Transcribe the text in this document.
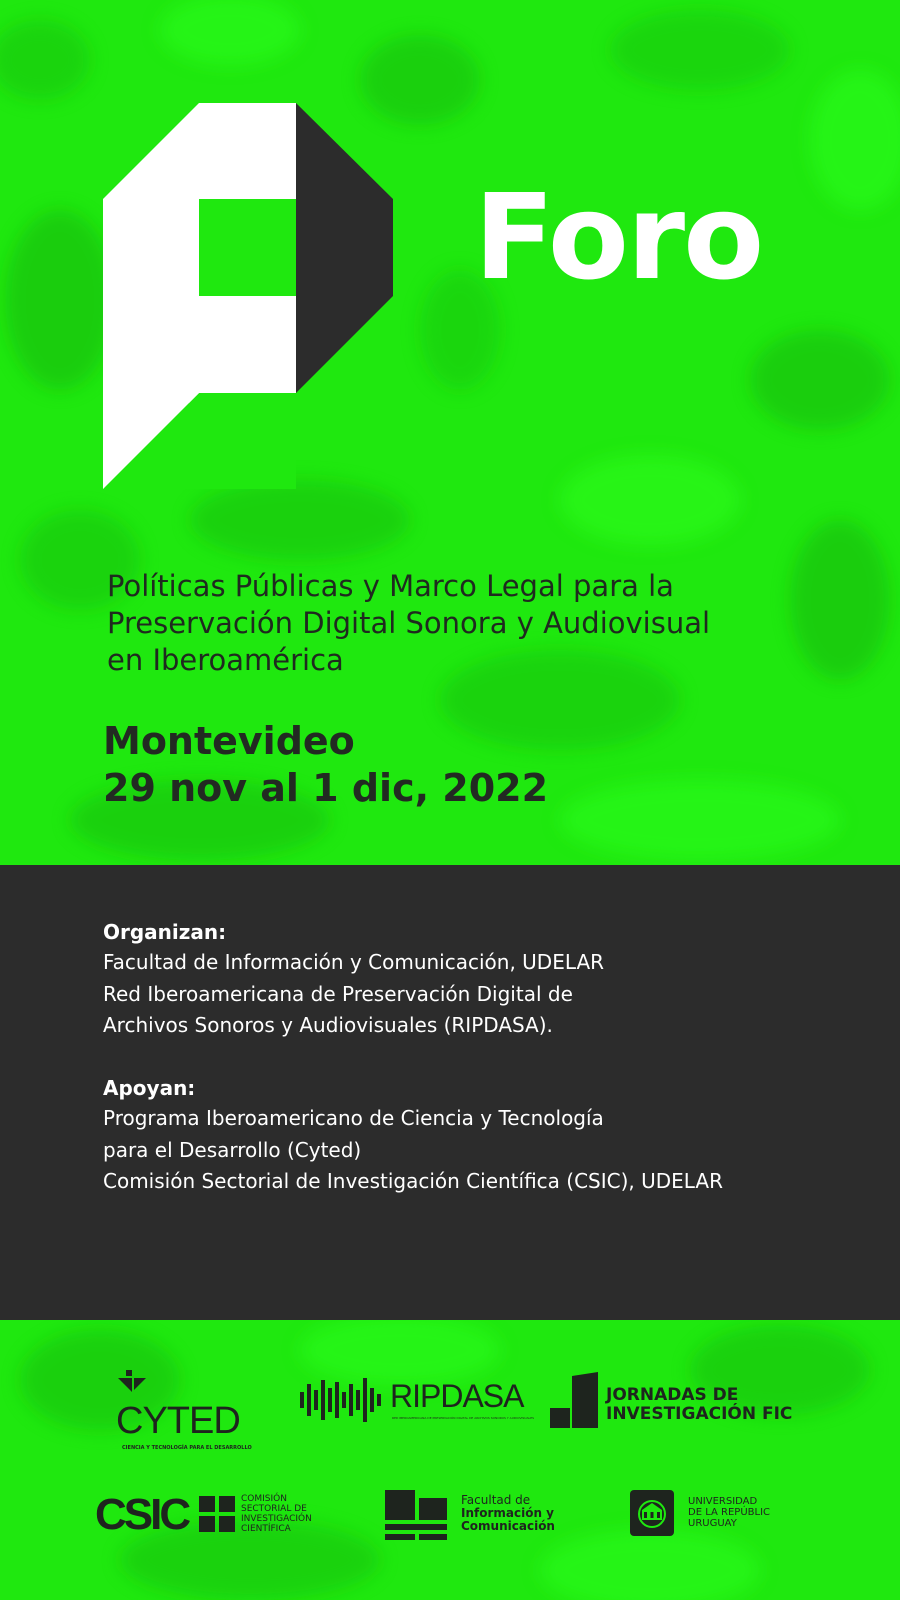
Foro
Políticas Públicas y Marco Legal para la
Preservación Digital Sonora y Audiovisual
en Iberoamérica
Montevideo
29 nov al 1 dic, 2022
Organizan:
Facultad de Información y Comunicación, UDELAR
Red Iberoamericana de Preservación Digital de
Archivos Sonoros y Audiovisuales (RIPDASA).
Apoyan:
Programa Iberoamericano de Ciencia y Tecnología
para el Desarrollo (Cyted)
Comisión Sectorial de Investigación Científica (CSIC), UDELAR
CYTED
CIENCIA Y TECNOLOGÍA PARA EL DESARROLLO
RIPDASA
RED IBEROAMERICANA DE PRESERVACIÓN DIGITAL DE ARCHIVOS SONOROS Y AUDIOVISUALES
JORNADAS DE
INVESTIGACIÓN FIC
CSIC	COMISIÓN
SECTORIAL DE
INVESTIGACIÓN
CIENTÍFICA
Facultad de
Información y
Comunicación
UNIVERSIDAD
DE LA REPÚBLIC
URUGUAY
